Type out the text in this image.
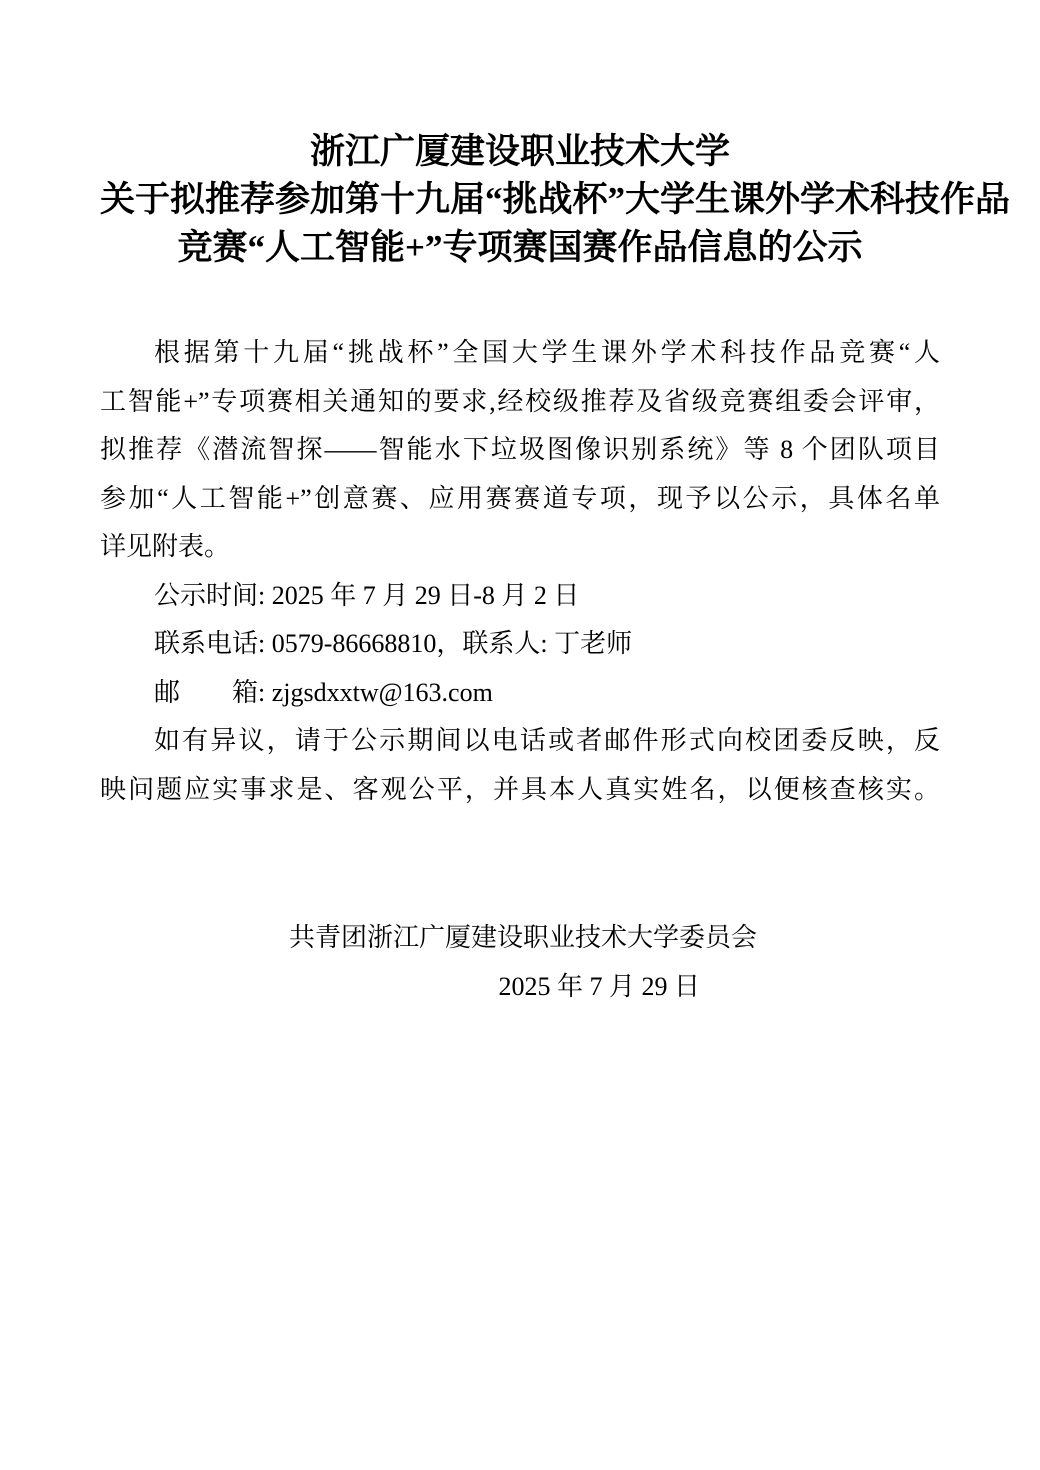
浙江广厦建设职业技术大学
关于拟推荐参加第十九届“挑战杯”大学生课外学术科技作品
竞赛“人工智能+”专项赛国赛作品信息的公示
根据第十九届“挑战杯”全国大学生课外学术科技作品竞赛“人
工智能+”专项赛相关通知的要求,经校级推荐及省级竞赛组委会评审，
拟推荐《潜流智探——智能水下垃圾图像识别系统》等 8 个团队项目
参加“人工智能+”创意赛、应用赛赛道专项，现予以公示，具体名单
详见附表。
公示时间: 2025 年 7 月 29 日-8 月 2 日
联系电话: 0579-86668810，联系人: 丁老师
邮　　箱: zjgsdxxtw@163.com
如有异议，请于公示期间以电话或者邮件形式向校团委反映，反
映问题应实事求是、客观公平，并具本人真实姓名，以便核查核实。
共青团浙江广厦建设职业技术大学委员会
2025 年 7 月 29 日
